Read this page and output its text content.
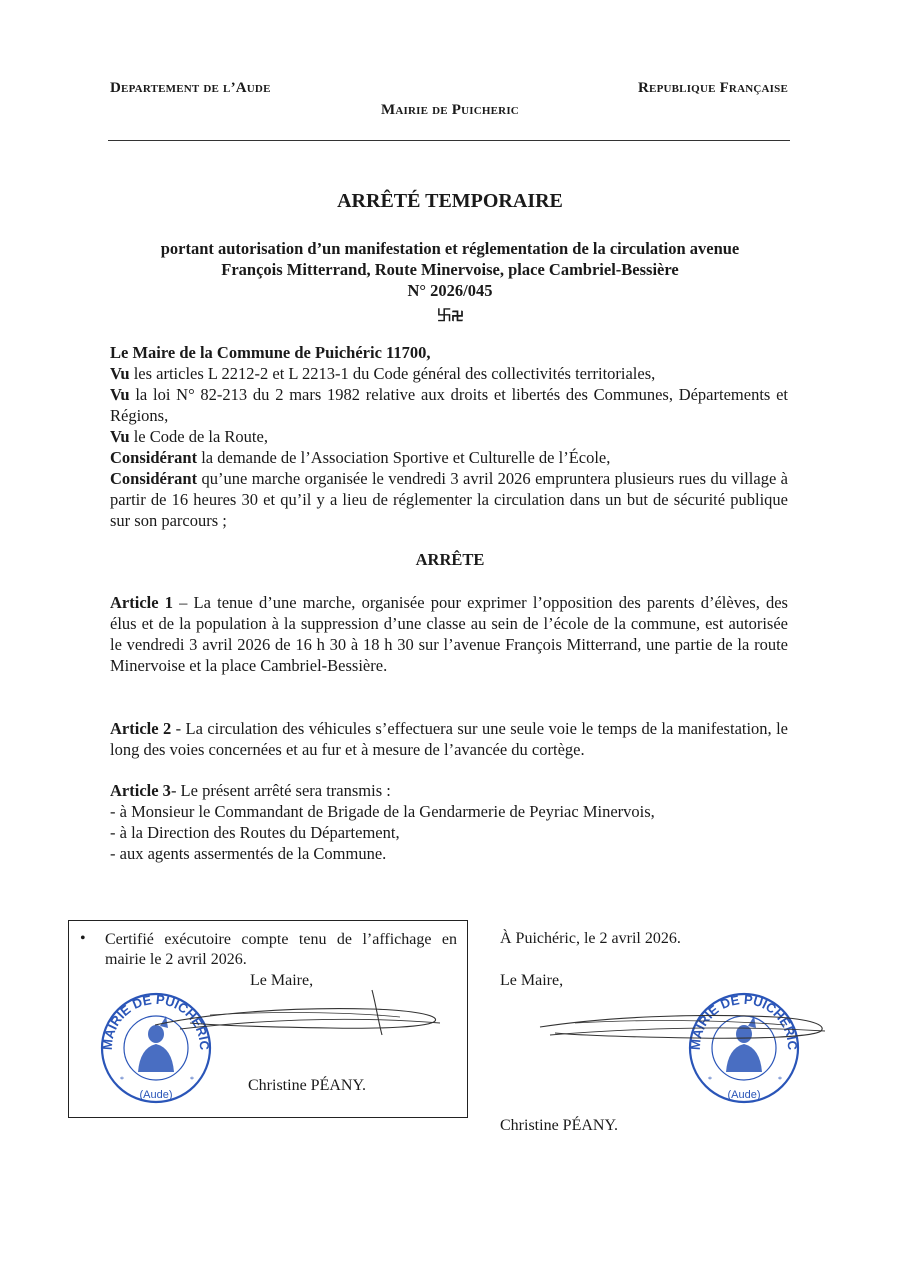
Departement de l’Aude	Republique Française
Mairie de Puicheric
ARRÊTÉ TEMPORAIRE
portant autorisation d’un manifestation et réglementation de la circulation avenue
François Mitterrand, Route Minervoise, place Cambriel-Bessière
N° 2026/045
࿕࿖

Le Maire de la Commune de Puichéric 11700,

Vu les articles L 2212-2 et L 2213-1 du Code général des collectivités territoriales,

Vu la loi N° 82-213 du 2 mars 1982 relative aux droits et libertés des Communes, Départements et Régions,

Vu le Code de la Route,

Considérant la demande de l’Association Sportive et Culturelle de l’École,

Considérant qu’une marche organisée le vendredi 3 avril 2026 empruntera plusieurs rues du village à partir de 16 heures 30 et qu’il y a lieu de réglementer la circulation dans un but de sécurité publique sur son parcours ;

ARRÊTE

Article 1 – La tenue d’une marche, organisée pour exprimer l’opposition des parents d’élèves, des élus et de la population à la suppression d’une classe au sein de l’école de la commune, est autorisée le vendredi 3 avril 2026 de 16 h 30 à 18 h 30 sur l’avenue François Mitterrand, une partie de la route Minervoise et la place Cambriel-Bessière.

Article 2 - La circulation des véhicules s’effectuera sur une seule voie le temps de la manifestation, le long des voies concernées et au fur et à mesure de l’avancée du cortège.

Article 3- Le présent arrêté sera transmis :

- à Monsieur le Commandant de Brigade de la Gendarmerie de Peyriac Minervois,

- à la Direction des Routes du Département,

- aux agents assermentés de la Commune.

• Certifié exécutoire compte tenu de l’affichage en mairie le 2 avril 2026.
Le Maire,
Christine PÉANY.
MAIRIE DE PUICHERIC
(Aude)
*	*
À Puichéric, le 2 avril 2026.
Le Maire,
Christine PÉANY.
MAIRIE DE PUICHERIC
(Aude)
*	*
